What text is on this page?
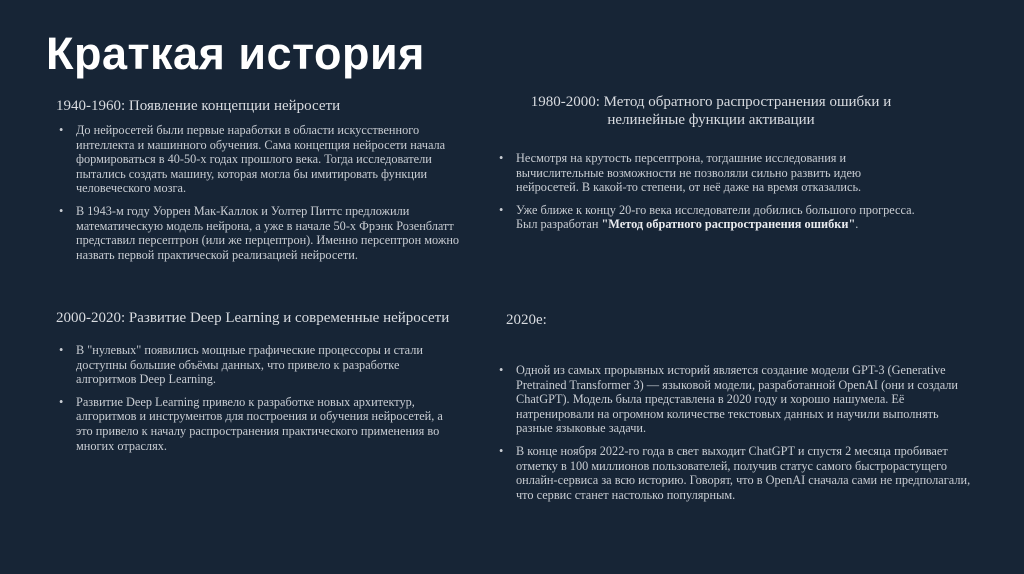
Краткая история
1940-1960: Появление концепции нейросети
• До нейросетей были первые наработки в области искусственного интеллекта и машинного обучения. Сама концепция нейросети начала формироваться в 40-50-х годах прошлого века. Тогда исследователи пытались создать машину, которая могла бы имитировать функции человеческого мозга.
• В 1943-м году Уоррен Мак-Каллок и Уолтер Питтс предложили математическую модель нейрона, а уже в начале 50-х Фрэнк Розенблатт представил персептрон (или же перцептрон). Именно персептрон можно назвать первой практической реализацией нейросети.
1980-2000: Метод обратного распространения ошибки и нелинейные функции активации
• Несмотря на крутость персептрона, тогдашние исследования и вычислительные возможности не позволяли сильно развить идею нейросетей. В какой-то степени, от неё даже на время отказались.
• Уже ближе к концу 20-го века исследователи добились большого прогресса. Был разработан "Метод обратного распространения ошибки".
2000-2020: Развитие Deep Learning и современные нейросети
• В "нулевых" появились мощные графические процессоры и стали доступны большие объёмы данных, что привело к разработке алгоритмов Deep Learning.
• Развитие Deep Learning привело к разработке новых архитектур, алгоритмов и инструментов для построения и обучения нейросетей, а это привело к началу распространения практического применения во многих отраслях.
2020е:
• Одной из самых прорывных историй является создание модели GPT-3 (Generative Pretrained Transformer 3) — языковой модели, разработанной OpenAI (они и создали ChatGPT). Модель была представлена в 2020 году и хорошо нашумела. Её натренировали на огромном количестве текстовых данных и научили выполнять разные языковые задачи.
• В конце ноября 2022-го года в свет выходит ChatGPT и спустя 2 месяца пробивает отметку в 100 миллионов пользователей, получив статус самого быстрорастущего онлайн-сервиса за всю историю. Говорят, что в OpenAI сначала сами не предполагали, что сервис станет настолько популярным.
